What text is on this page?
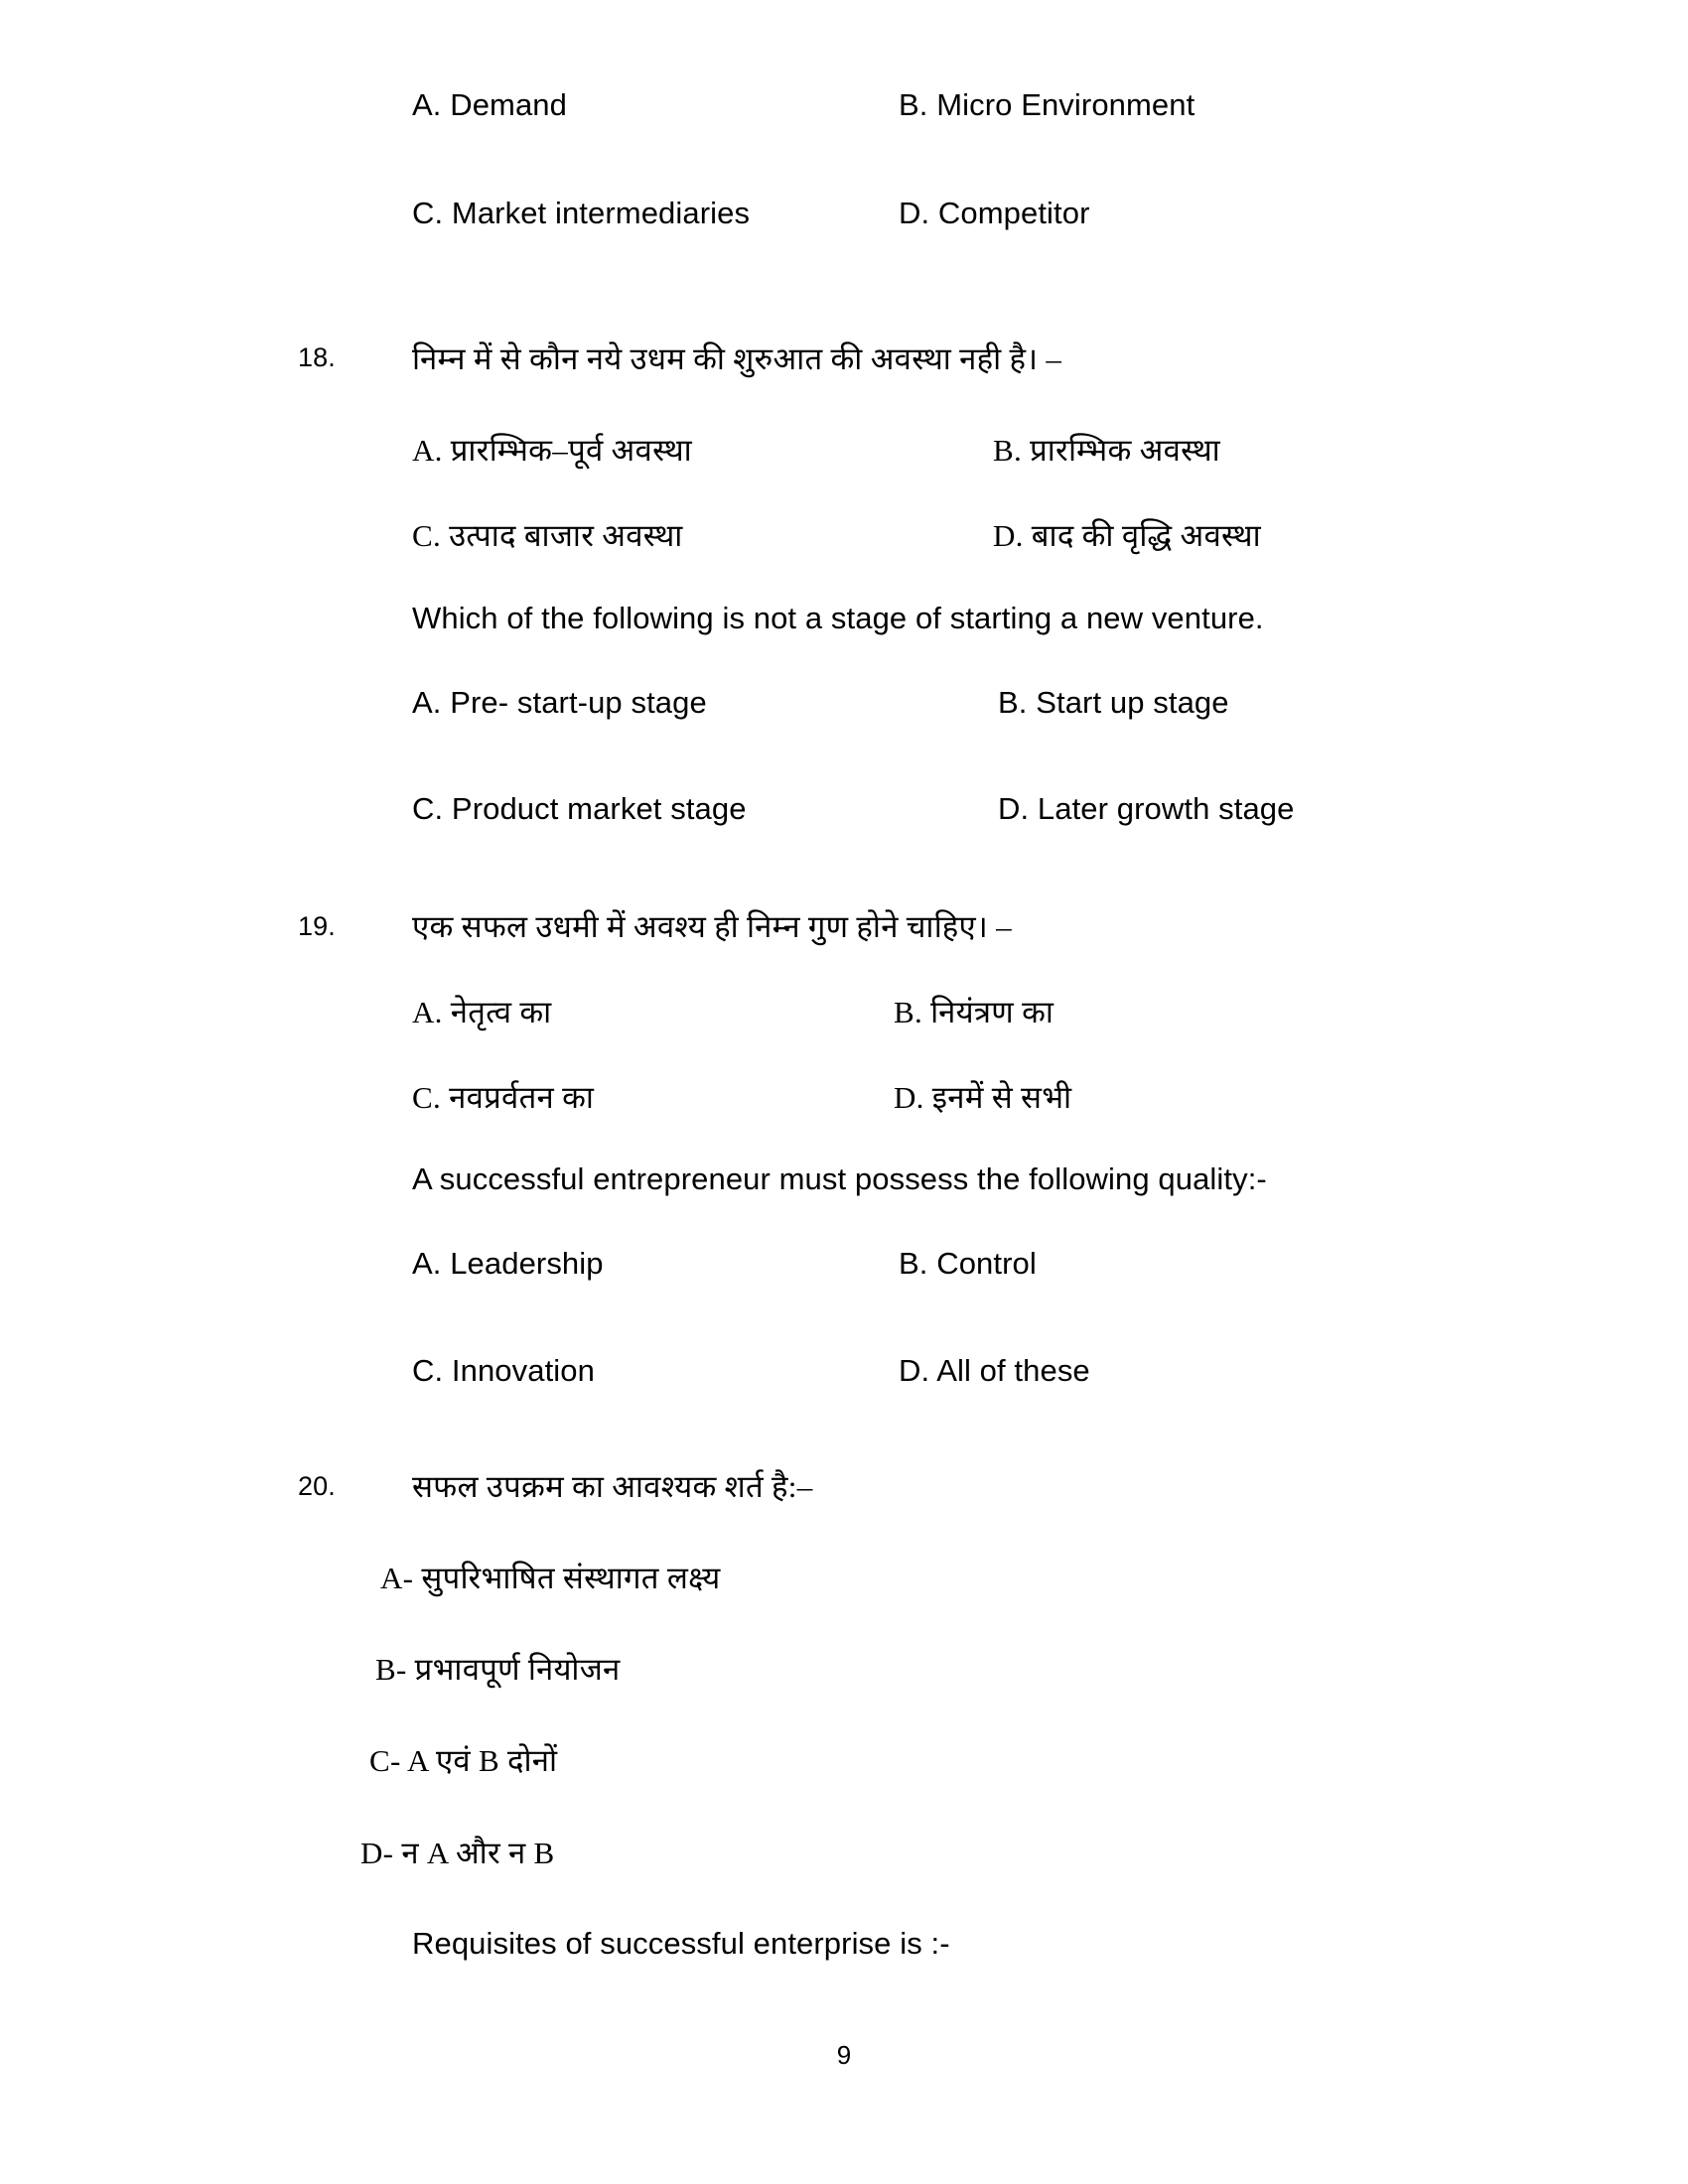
A. Demand	B. Micro Environment
C. Market intermediaries	D. Competitor
18. निम्न में से कौन नये उधम की शुरुआत की अवस्था नही है। –
A. प्रारम्भिक–पूर्व अवस्था	B. प्रारम्भिक अवस्था
C. उत्पाद बाजार अवस्था	D. बाद की वृद्धि अवस्था
Which of the following is not a stage of starting a new venture.
A. Pre- start-up stage	B. Start up stage
C. Product market stage	D. Later growth stage
19. एक सफल उधमी में अवश्य ही निम्न गुण होने चाहिए। –
A. नेतृत्व का	B. नियंत्रण का
C. नवप्रर्वतन का	D. इनमें से सभी
A successful entrepreneur must possess the following quality:-
A. Leadership	B. Control
C. Innovation	D. All of these
20. सफल उपक्रम का आवश्यक शर्त है:–
A- सुपरिभाषित संस्थागत लक्ष्य
B- प्रभावपूर्ण नियोजन
C- A एवं B दोनों
D- न A और न B
Requisites of successful enterprise is :-
9
